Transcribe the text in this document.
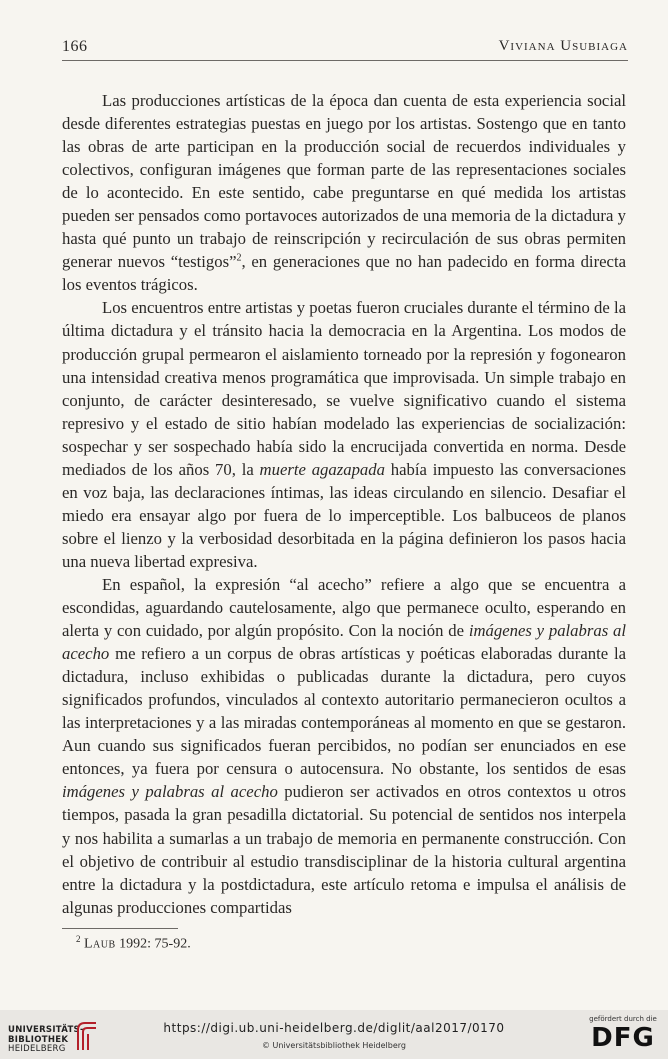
166	Viviana Usubiaga

Las producciones artísticas de la época dan cuenta de esta experiencia social desde diferentes estrategias puestas en juego por los artistas. Sostengo que en tanto las obras de arte participan en la producción social de recuerdos individuales y colectivos, configuran imágenes que forman parte de las representaciones sociales de lo acontecido. En este sentido, cabe preguntarse en qué medida los artistas pueden ser pensados como portavoces autorizados de una memoria de la dictadura y hasta qué punto un trabajo de reinscripción y recirculación de sus obras permiten generar nuevos “testigos”$^2$, en generaciones que no han padecido en forma directa los eventos trágicos.

Los encuentros entre artistas y poetas fueron cruciales durante el término de la última dictadura y el tránsito hacia la democracia en la Argentina. Los modos de producción grupal permearon el aislamiento torneado por la represión y fogonearon una intensidad creativa menos programática que improvisada. Un simple trabajo en conjunto, de carácter desinteresado, se vuelve significativo cuando el sistema represivo y el estado de sitio habían modelado las experiencias de socialización: sospechar y ser sospechado había sido la encrucijada convertida en norma. Desde mediados de los años 70, la muerte agazapada había impuesto las conversaciones en voz baja, las declaraciones íntimas, las ideas circulando en silencio. Desafiar el miedo era ensayar algo por fuera de lo imperceptible. Los balbuceos de planos sobre el lienzo y la verbosidad desorbitada en la página definieron los pasos hacia una nueva libertad expresiva.

En español, la expresión “al acecho” refiere a algo que se encuentra a escondidas, aguardando cautelosamente, algo que permanece oculto, esperando en alerta y con cuidado, por algún propósito. Con la noción de imágenes y palabras al acecho me refiero a un corpus de obras artísticas y poéticas elaboradas durante la dictadura, incluso exhibidas o publicadas durante la dictadura, pero cuyos significados profundos, vinculados al contexto autoritario permanecieron ocultos a las interpretaciones y a las miradas contemporáneas al momento en que se gestaron. Aun cuando sus significados fueran percibidos, no podían ser enunciados en ese entonces, ya fuera por censura o autocensura. No obstante, los sentidos de esas imágenes y palabras al acecho pudieron ser activados en otros contextos u otros tiempos, pasada la gran pesadilla dictatorial. Su potencial de sentidos nos interpela y nos habilita a sumarlas a un trabajo de memoria en permanente construcción. Con el objetivo de contribuir al estudio transdisciplinar de la historia cultural argentina entre la dictadura y la postdictadura, este artículo retoma e impulsa el análisis de algunas producciones compartidas

$^2$ Laub 1992: 75-92.
UNIVERSITÄTS-
BIBLIOTHEK
HEIDELBERG
https://digi.ub.uni-heidelberg.de/diglit/aal2017/0170
© Universitätsbibliothek Heidelberg
gefördert durch die
DFG
